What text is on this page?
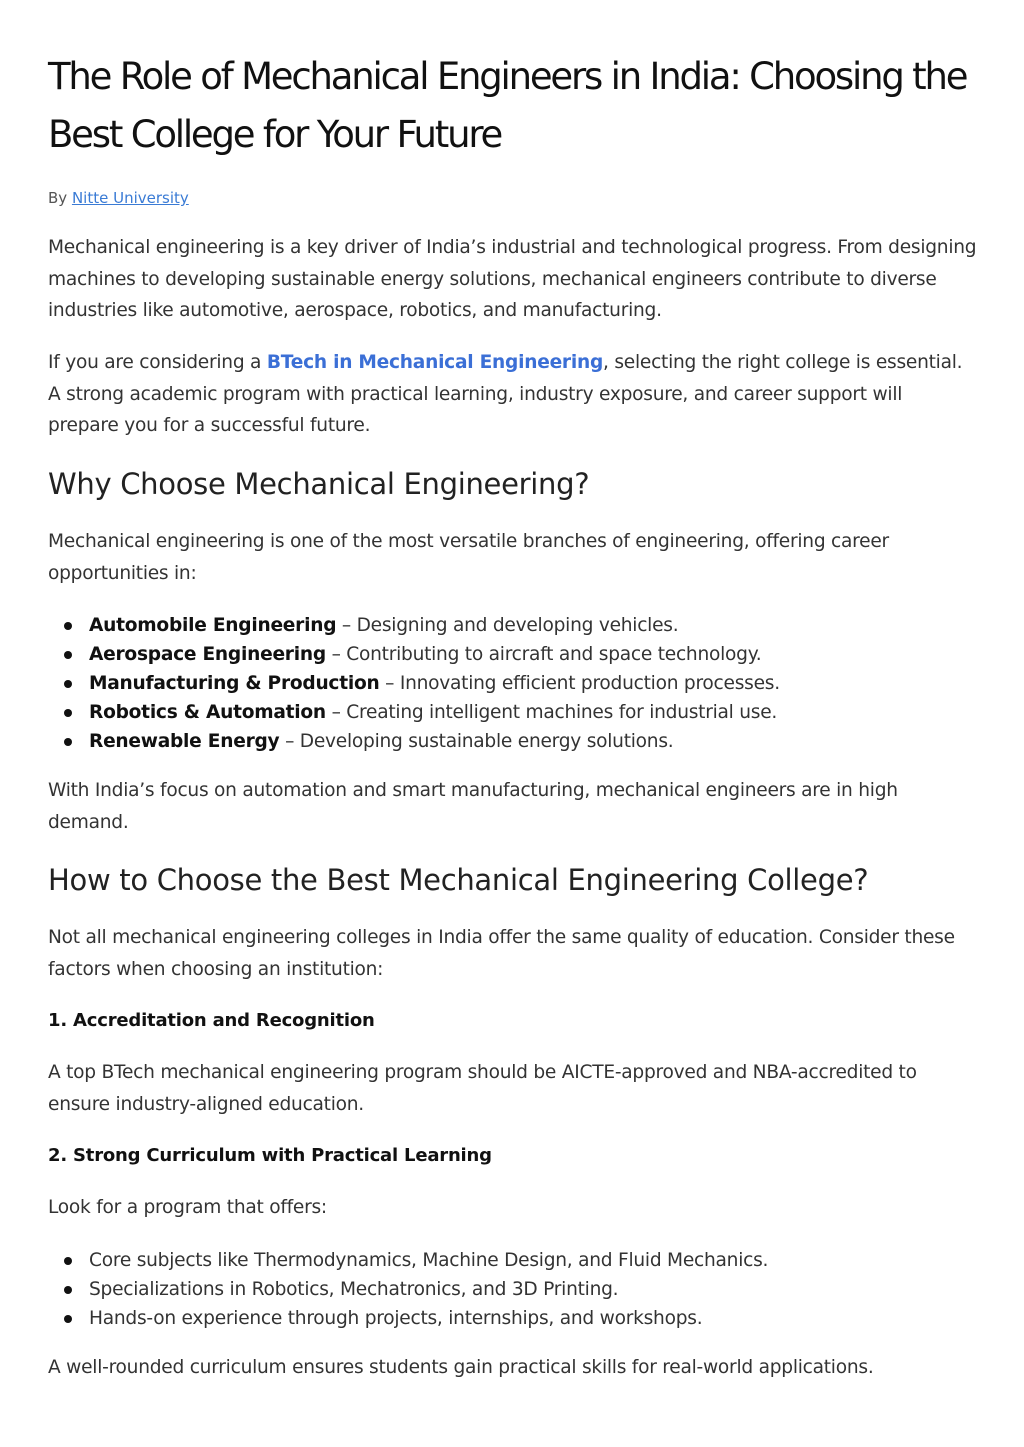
The Role of Mechanical Engineers in India: Choosing the Best College for Your Future

By Nitte University

Mechanical engineering is a key driver of India’s industrial and technological progress. From designing machines to developing sustainable energy solutions, mechanical engineers contribute to diverse industries like automotive, aerospace, robotics, and manufacturing.

If you are considering a BTech in Mechanical Engineering, selecting the right college is essential. A strong academic program with practical learning, industry exposure, and career support will prepare you for a successful future.

Why Choose Mechanical Engineering?

Mechanical engineering is one of the most versatile branches of engineering, offering career opportunities in:

Automobile Engineering – Designing and developing vehicles.
Aerospace Engineering – Contributing to aircraft and space technology.
Manufacturing & Production – Innovating efficient production processes.
Robotics & Automation – Creating intelligent machines for industrial use.
Renewable Energy – Developing sustainable energy solutions.

With India’s focus on automation and smart manufacturing, mechanical engineers are in high demand.

How to Choose the Best Mechanical Engineering College?

Not all mechanical engineering colleges in India offer the same quality of education. Consider these factors when choosing an institution:

1. Accreditation and Recognition

A top BTech mechanical engineering program should be AICTE-approved and NBA-accredited to ensure industry-aligned education.

2. Strong Curriculum with Practical Learning

Look for a program that offers:

Core subjects like Thermodynamics, Machine Design, and Fluid Mechanics.
Specializations in Robotics, Mechatronics, and 3D Printing.
Hands-on experience through projects, internships, and workshops.

A well-rounded curriculum ensures students gain practical skills for real-world applications.
